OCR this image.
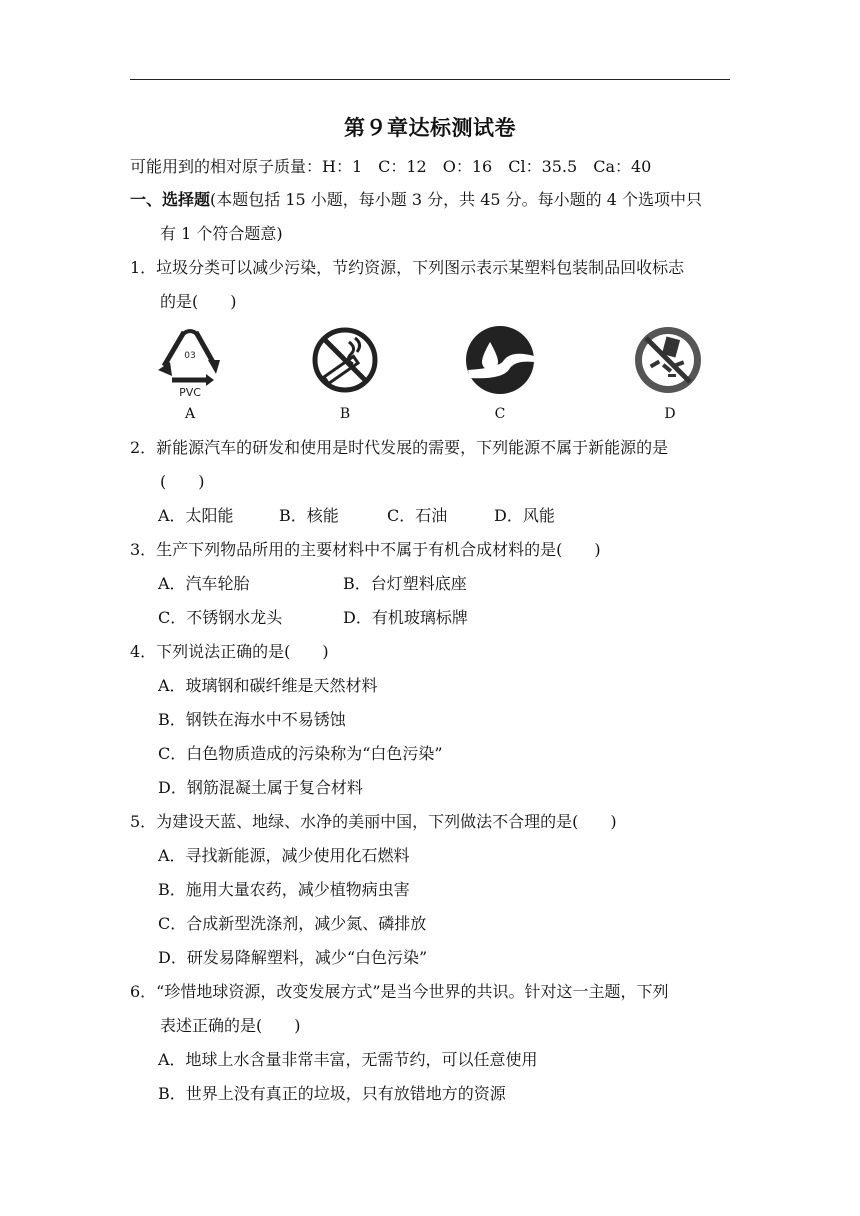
第９章达标测试卷
可能用到的相对原子质量：H：1　C：12　O：16　Cl：35.5　Ca：40
一、选择题(本题包括 15 小题，每小题 3 分，共 45 分。每小题的 4 个选项中只
有 1 个符合题意)
1．垃圾分类可以减少污染，节约资源，下列图示表示某塑料包装制品回收标志
的是(　　)
03
PVC
A	B	C	D
2．新能源汽车的研发和使用是时代发展的需要，下列能源不属于新能源的是
(　　)
A．太阳能	B．核能	C．石油	D．风能
3．生产下列物品所用的主要材料中不属于有机合成材料的是(　　)
A．汽车轮胎	B．台灯塑料底座
C．不锈钢水龙头	D．有机玻璃标牌
4．下列说法正确的是(　　)
A．玻璃钢和碳纤维是天然材料
B．钢铁在海水中不易锈蚀
C．白色物质造成的污染称为“白色污染”
D．钢筋混凝土属于复合材料
5．为建设天蓝、地绿、水净的美丽中国，下列做法不合理的是(　　)
A．寻找新能源，减少使用化石燃料
B．施用大量农药，减少植物病虫害
C．合成新型洗涤剂，减少氮、磷排放
D．研发易降解塑料，减少“白色污染”
6．“珍惜地球资源，改变发展方式”是当今世界的共识。针对这一主题，下列
表述正确的是(　　)
A．地球上水含量非常丰富，无需节约，可以任意使用
B．世界上没有真正的垃圾，只有放错地方的资源
